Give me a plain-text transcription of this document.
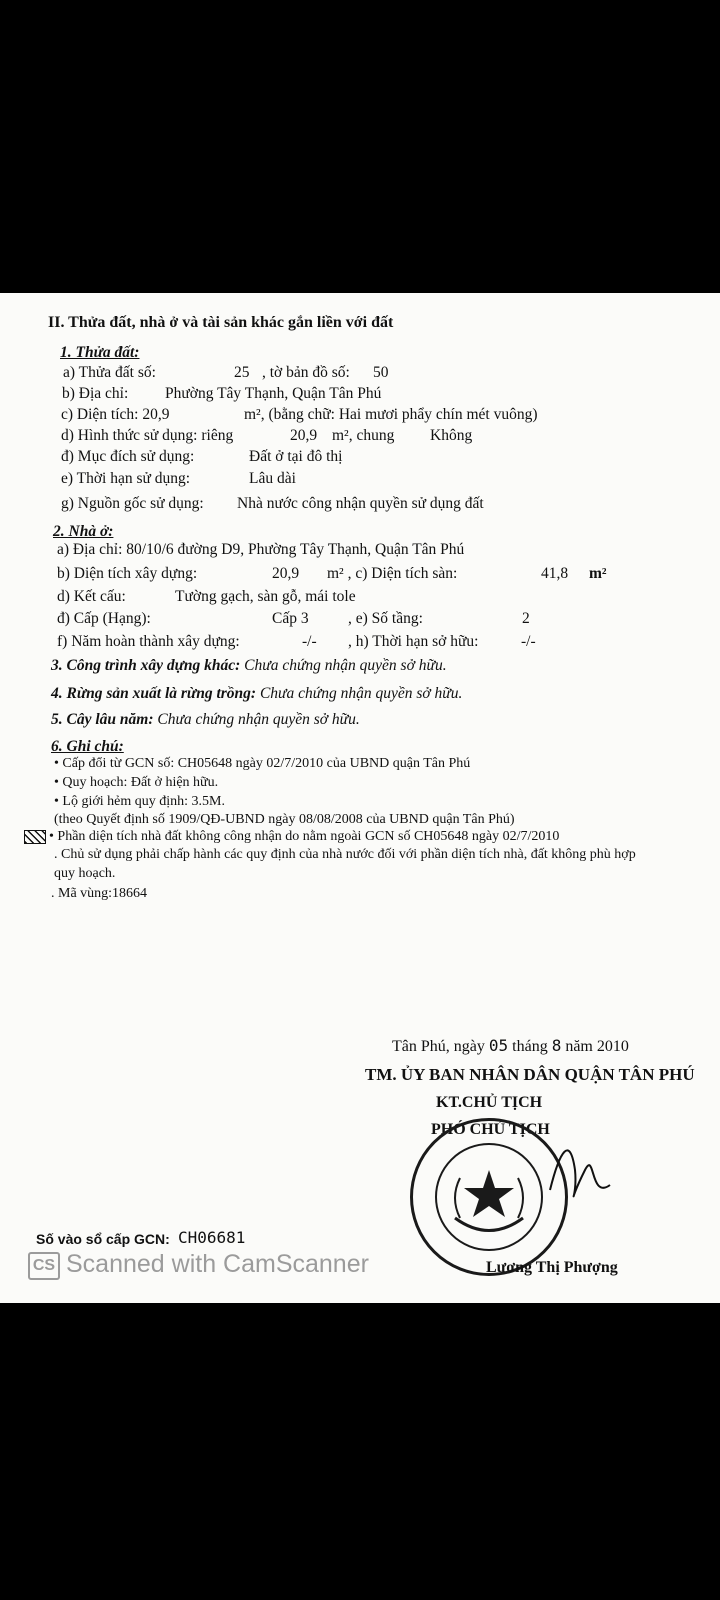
II. Thửa đất, nhà ở và tài sản khác gắn liền với đất
1. Thửa đất:
a) Thửa đất số:	25 , tờ bản đồ số: 50
b) Địa chỉ: Phường Tây Thạnh, Quận Tân Phú
c) Diện tích: 20,9	m², (bằng chữ: Hai mươi phẩy chín mét vuông)
d) Hình thức sử dụng: riêng	20,9 m², chung Không
đ) Mục đích sử dụng:	Đất ở tại đô thị
e) Thời hạn sử dụng:	Lâu dài
g) Nguồn gốc sử dụng: Nhà nước công nhận quyền sử dụng đất
2. Nhà ở:
a) Địa chỉ: 80/10/6 đường D9, Phường Tây Thạnh, Quận Tân Phú
b) Diện tích xây dựng:	20,9 m² , c) Diện tích sàn:	41,8 m²
d) Kết cấu:	Tường gạch, sàn gỗ, mái tole
đ) Cấp (Hạng):	Cấp 3	, e) Số tầng:	2
f) Năm hoàn thành xây dựng:	-/- , h) Thời hạn sở hữu:	-/-
3. Công trình xây dựng khác: Chưa chứng nhận quyền sở hữu.
4. Rừng sản xuất là rừng trồng: Chưa chứng nhận quyền sở hữu.
5. Cây lâu năm: Chưa chứng nhận quyền sở hữu.
6. Ghi chú:
• Cấp đổi từ GCN số: CH05648 ngày 02/7/2010 của UBND quận Tân Phú
• Quy hoạch: Đất ở hiện hữu.
• Lộ giới hẻm quy định: 3.5M.
(theo Quyết định số 1909/QĐ-UBND ngày 08/08/2008 của UBND quận Tân Phú)
• Phần diện tích nhà đất không công nhận do nằm ngoài GCN số CH05648 ngày 02/7/2010
. Chủ sử dụng phải chấp hành các quy định của nhà nước đối với phần diện tích nhà, đất không phù hợp
quy hoạch.
. Mã vùng:18664
Tân Phú, ngày 05 tháng 8 năm 2010
TM. ỦY BAN NHÂN DÂN QUẬN TÂN PHÚ
KT.CHỦ TỊCH
PHÓ CHỦ TỊCH
Lương Thị Phượng
Số vào sổ cấp GCN: CH06681
CS Scanned with CamScanner
